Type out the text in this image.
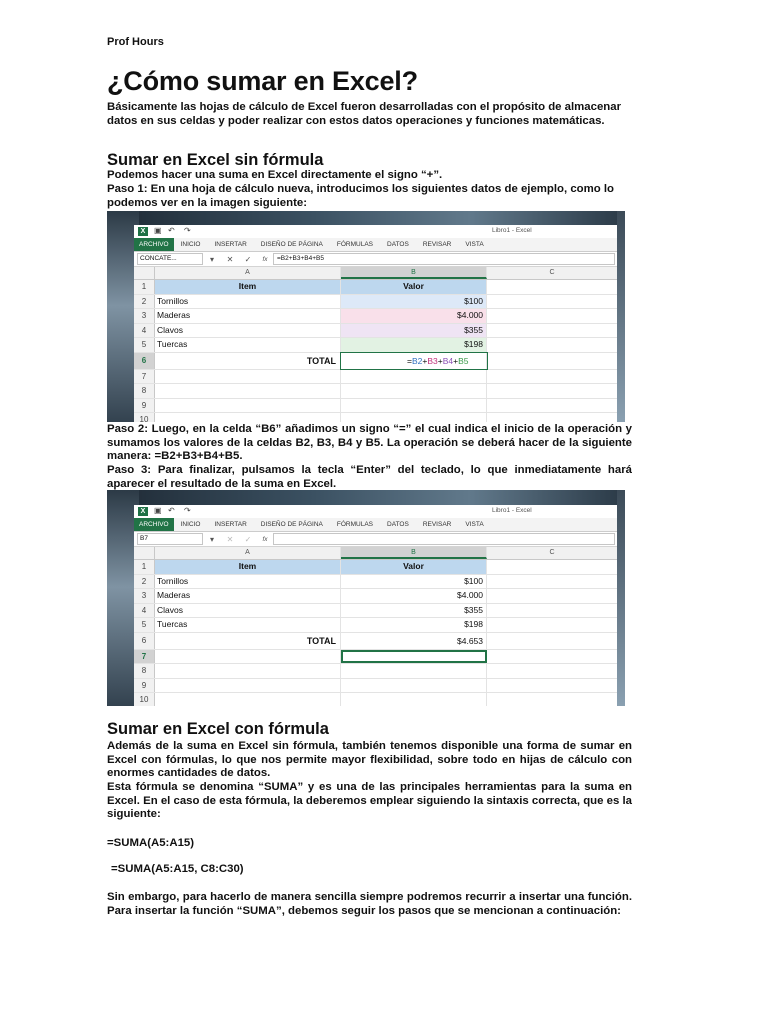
Prof Hours
¿Cómo sumar en Excel?
Básicamente las hojas de cálculo de Excel fueron desarrolladas con el propósito de almacenar datos en sus celdas y poder realizar con estos datos operaciones y funciones matemáticas.
Sumar en Excel sin fórmula
Podemos hacer una suma en Excel directamente el signo “+”.
Paso 1: En una hoja de cálculo nueva, introducimos los siguientes datos de ejemplo, como lo podemos ver en la imagen siguiente:
X	▣ ↶ ↷	Libro1 - Excel
ARCHIVO	INICIO	INSERTAR	DISEÑO DE PÁGINA	FÓRMULAS	DATOS	REVISAR	VISTA
CONCATE...	▾	✕	✓	fx	=B2+B3+B4+B5
A	B	C
1	Item	Valor
2	Tornillos	$100
3	Maderas	$4.000
4	Clavos	$355
5	Tuercas	$198
6	TOTAL	=B2+B3+B4+B5
7
8
9
10
Paso 2: Luego, en la celda “B6” añadimos un signo “=” el cual indica el inicio de la operación y sumamos los valores de la celdas B2, B3, B4 y B5. La operación se deberá hacer de la siguiente manera: =B2+B3+B4+B5.
Paso 3: Para finalizar, pulsamos la tecla “Enter” del teclado, lo que inmediatamente hará aparecer el resultado de la suma en Excel.
X	▣ ↶ ↷	Libro1 - Excel
ARCHIVO	INICIO	INSERTAR	DISEÑO DE PÁGINA	FÓRMULAS	DATOS	REVISAR	VISTA
B7	▾	✕	✓	fx
A	B	C
1	Item	Valor
2	Tornillos	$100
3	Maderas	$4.000
4	Clavos	$355
5	Tuercas	$198
6	TOTAL	$4.653
7
8
9
10
Sumar en Excel con fórmula
Además de la suma en Excel sin fórmula, también tenemos disponible una forma de sumar en Excel con fórmulas, lo que nos permite mayor flexibilidad, sobre todo en hijas de cálculo con enormes cantidades de datos.
Esta fórmula se denomina “SUMA” y es una de las principales herramientas para la suma en Excel. En el caso de esta fórmula, la deberemos emplear siguiendo la sintaxis correcta, que es la siguiente:
=SUMA(A5:A15)
=SUMA(A5:A15, C8:C30)
Sin embargo, para hacerlo de manera sencilla siempre podremos recurrir a insertar una función. Para insertar la función “SUMA”, debemos seguir los pasos que se mencionan a continuación:
